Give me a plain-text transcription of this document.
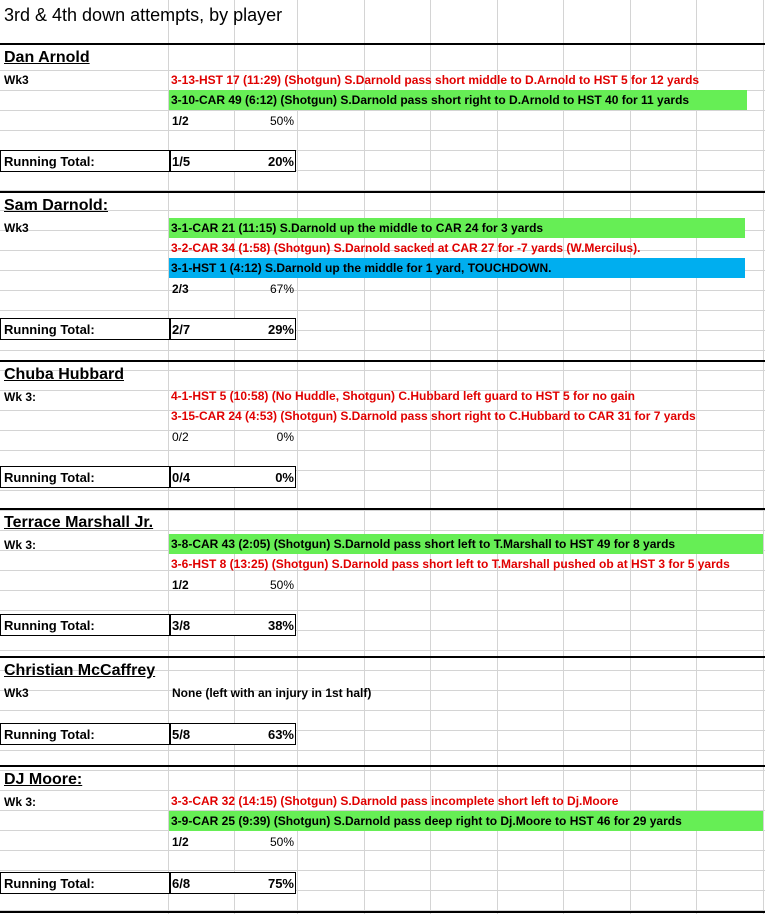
3rd & 4th down attempts, by player
Dan Arnold
Wk3	3-13-HST 17 (11:29) (Shotgun) S.Darnold pass short middle to D.Arnold to HST 5 for 12 yards
3-10-CAR 49 (6:12) (Shotgun) S.Darnold pass short right to D.Arnold to HST 40 for 11 yards
1/2	50%
Running Total:	1/5	20%
Sam Darnold:
Wk3	3-1-CAR 21 (11:15) S.Darnold up the middle to CAR 24 for 3 yards
3-2-CAR 34 (1:58) (Shotgun) S.Darnold sacked at CAR 27 for -7 yards (W.Mercilus).
3-1-HST 1 (4:12) S.Darnold up the middle for 1 yard, TOUCHDOWN.
2/3	67%
Running Total:	2/7	29%
Chuba Hubbard
Wk 3:	4-1-HST 5 (10:58) (No Huddle, Shotgun) C.Hubbard left guard to HST 5 for no gain
3-15-CAR 24 (4:53) (Shotgun) S.Darnold pass short right to C.Hubbard to CAR 31 for 7 yards
0/2	0%
Running Total:	0/4	0%
Terrace Marshall Jr.
Wk 3:	3-8-CAR 43 (2:05) (Shotgun) S.Darnold pass short left to T.Marshall to HST 49 for 8 yards
3-6-HST 8 (13:25) (Shotgun) S.Darnold pass short left to T.Marshall pushed ob at HST 3 for 5 yards
1/2	50%
Running Total:	3/8	38%
Christian McCaffrey
Wk3	None (left with an injury in 1st half)
Running Total:	5/8	63%
DJ Moore:
Wk 3:	3-3-CAR 32 (14:15) (Shotgun) S.Darnold pass incomplete short left to Dj.Moore
3-9-CAR 25 (9:39) (Shotgun) S.Darnold pass deep right to Dj.Moore to HST 46 for 29 yards
1/2	50%
Running Total:	6/8	75%
